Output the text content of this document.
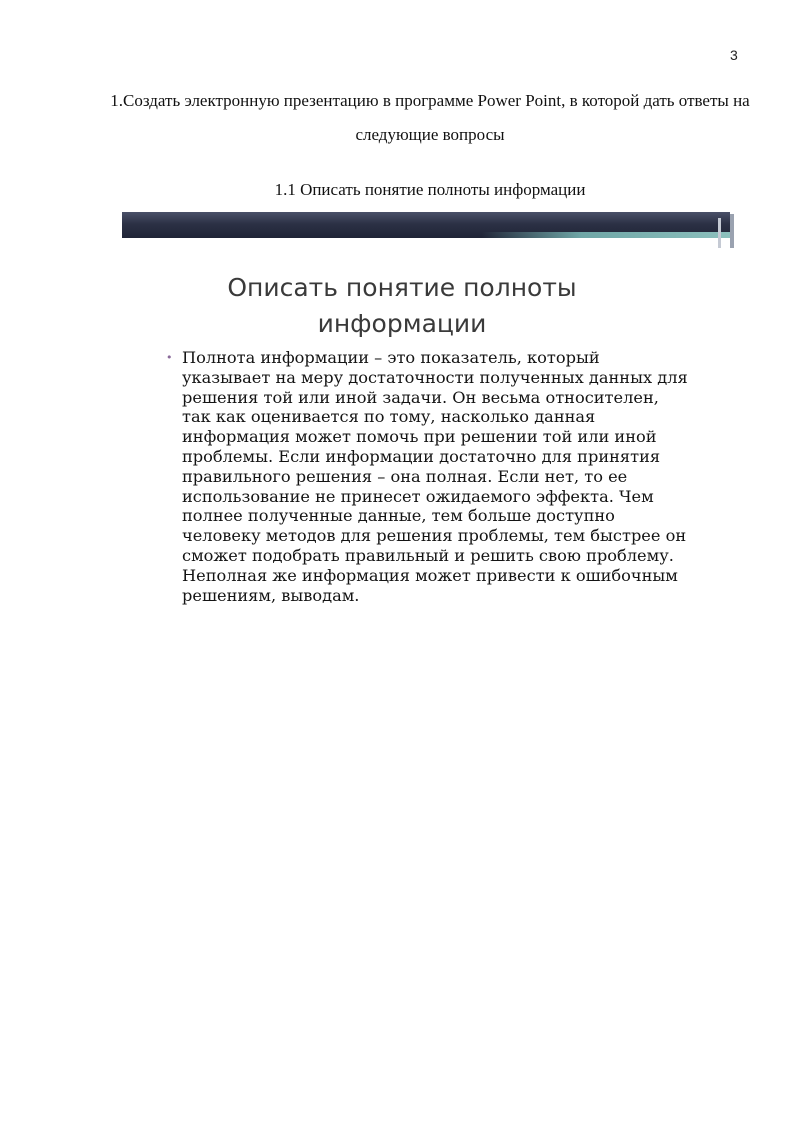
3
1.Создать электронную презентацию в программе Power Point, в которой дать ответы на следующие вопросы
1.1 Описать понятие полноты информации
Описать понятие полноты информации
• Полнота информации – это показатель, который указывает на меру достаточности полученных данных для решения той или иной задачи. Он весьма относителен, так как оценивается по тому, насколько данная информация может помочь при решении той или иной проблемы. Если информации достаточно для принятия правильного решения – она полная. Если нет, то ее использование не принесет ожидаемого эффекта. Чем полнее полученные данные, тем больше доступно человеку методов для решения проблемы, тем быстрее он сможет подобрать правильный и решить свою проблему. Неполная же информация может привести к ошибочным решениям, выводам.
